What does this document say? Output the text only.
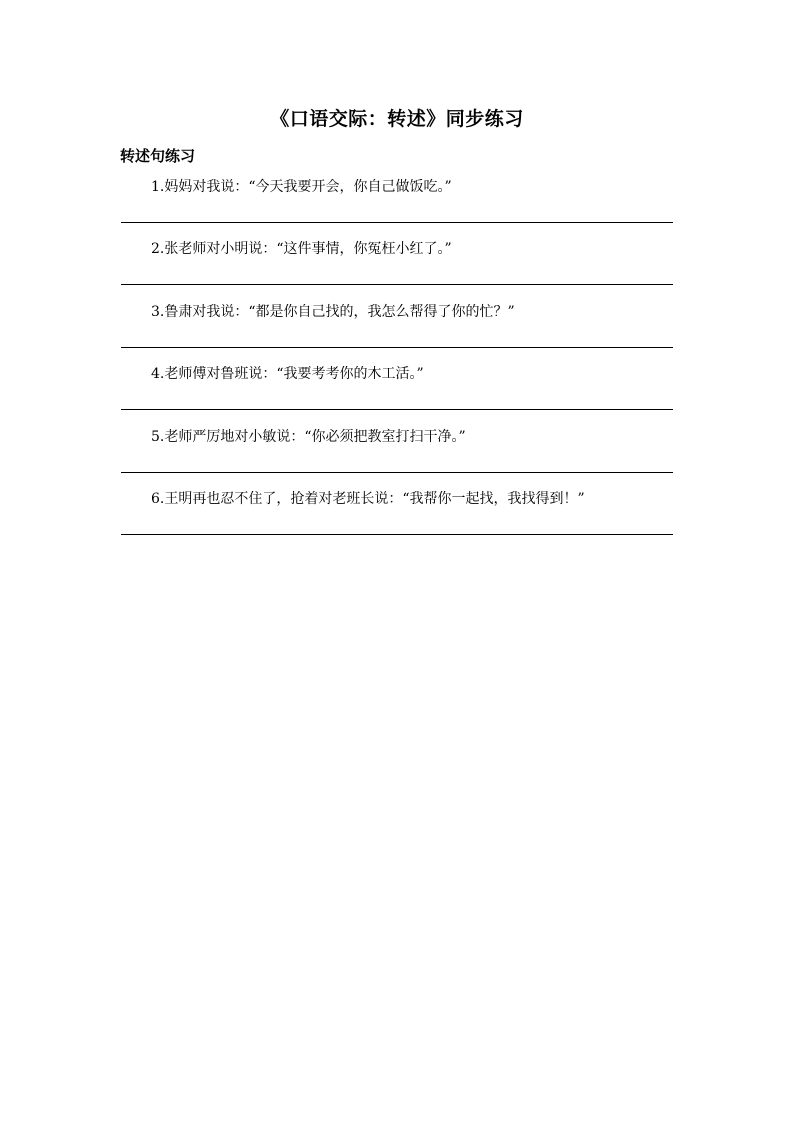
《口语交际：转述》同步练习
转述句练习
1.妈妈对我说：“今天我要开会，你自己做饭吃。”
2.张老师对小明说：“这件事情，你冤枉小红了。”
3.鲁肃对我说：“都是你自己找的，我怎么帮得了你的忙？”
4.老师傅对鲁班说：“我要考考你的木工活。”
5.老师严厉地对小敏说：“你必须把教室打扫干净。”
6.王明再也忍不住了，抢着对老班长说：“我帮你一起找，我找得到！”
